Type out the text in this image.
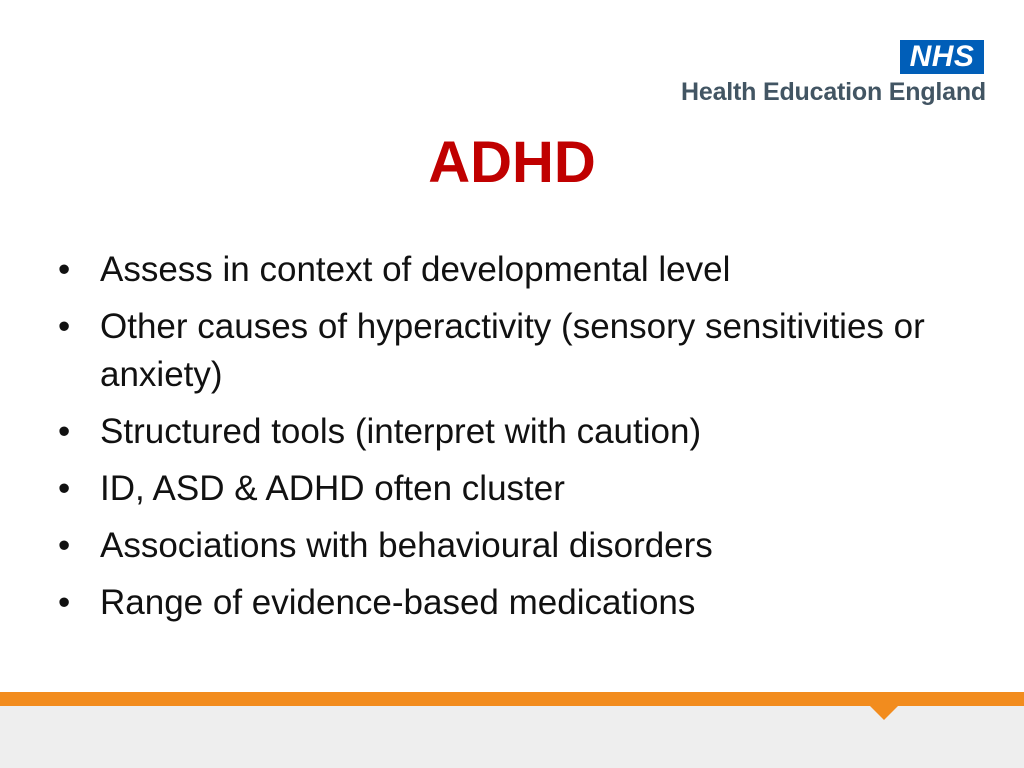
NHS
Health Education England
ADHD
• Assess in context of developmental level
• Other causes of hyperactivity (sensory sensitivities or anxiety)
• Structured tools (interpret with caution)
• ID, ASD & ADHD often cluster
• Associations with behavioural disorders
• Range of evidence-based medications
